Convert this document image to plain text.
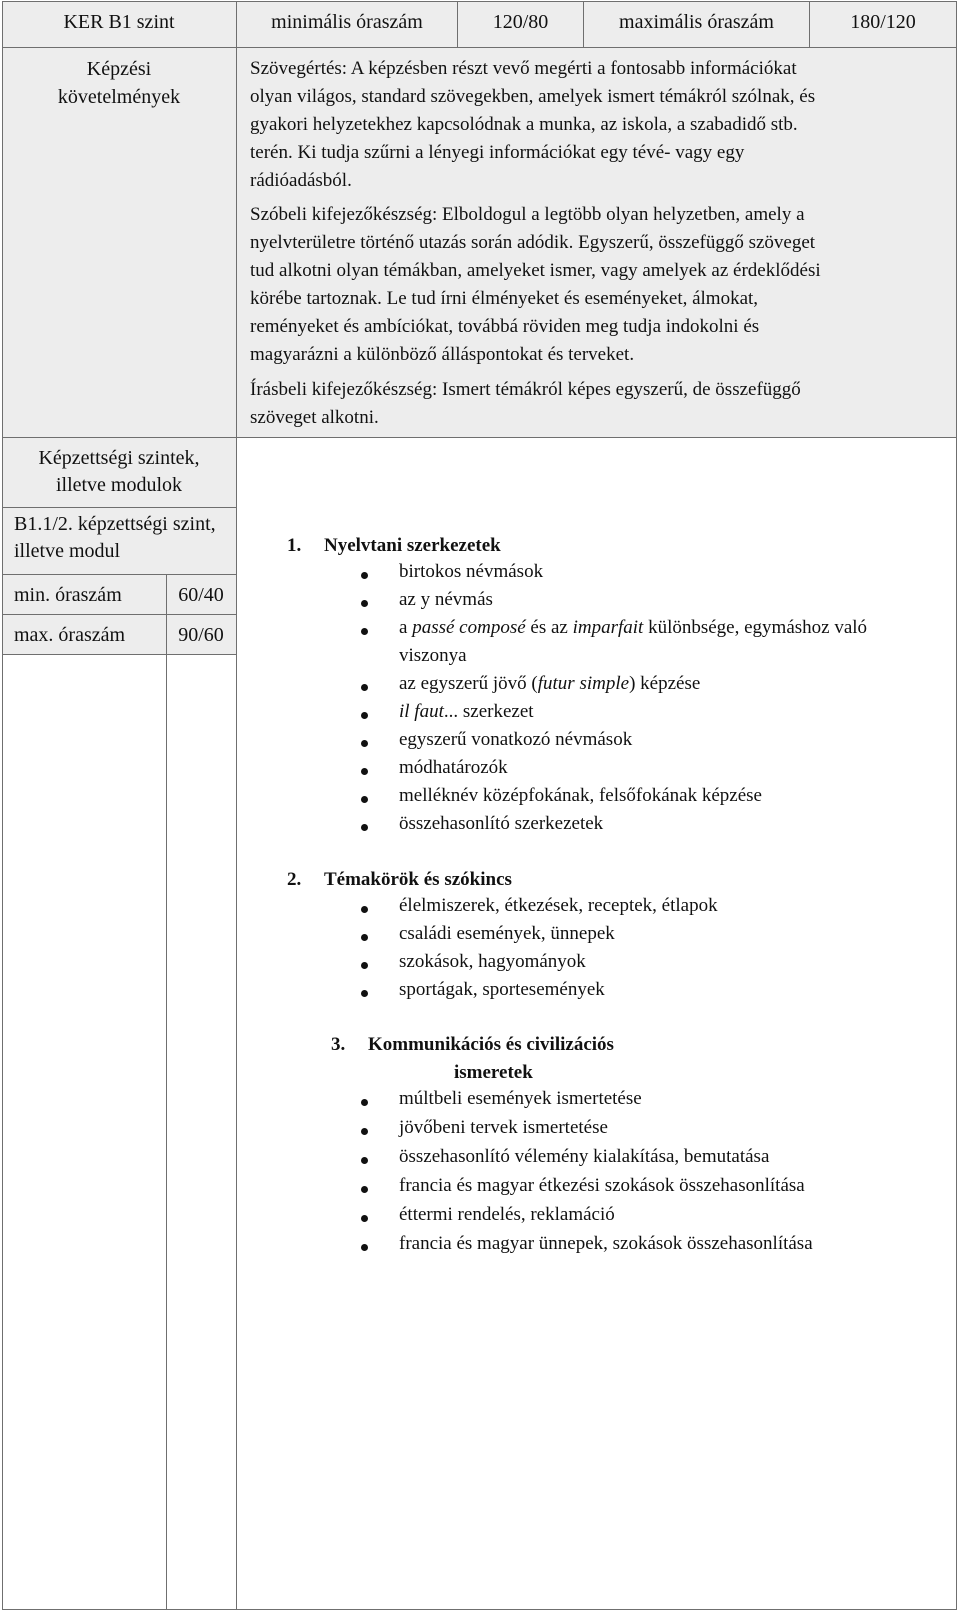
KER B1 szint	minimális óraszám	120/80	maximális óraszám	180/120
Képzési
követelmények
Képzettségi szintek,
illetve modulok
B1.1/2. képzettségi szint,
illetve modul
min. óraszám	60/40
max. óraszám	90/60
Szövegértés: A képzésben részt vevő megérti a fontosabb információkat
olyan világos, standard szövegekben, amelyek ismert témákról szólnak, és
gyakori helyzetekhez kapcsolódnak a munka, az iskola, a szabadidő stb.
terén. Ki tudja szűrni a lényegi információkat egy tévé- vagy egy
rádióadásból.
Szóbeli kifejezőkészség: Elboldogul a legtöbb olyan helyzetben, amely a
nyelvterületre történő utazás során adódik. Egyszerű, összefüggő szöveget
tud alkotni olyan témákban, amelyeket ismer, vagy amelyek az érdeklődési
körébe tartoznak. Le tud írni élményeket és eseményeket, álmokat,
reményeket és ambíciókat, továbbá röviden meg tudja indokolni és
magyarázni a különböző álláspontokat és terveket.
Írásbeli kifejezőkészség: Ismert témákról képes egyszerű, de összefüggő
szöveget alkotni.
1. Nyelvtani szerkezetek
birtokos névmások
az y névmás
a passé composé és az imparfait különbsége, egymáshoz való
viszonya
az egyszerű jövő (futur simple) képzése
il faut... szerkezet
egyszerű vonatkozó névmások
módhatározók
melléknév középfokának, felsőfokának képzése
összehasonlító szerkezetek
2. Témakörök és szókincs
élelmiszerek, étkezések, receptek, étlapok
családi események, ünnepek
szokások, hagyományok
sportágak, sportesemények
3. Kommunikációs és civilizációs
ismeretek
múltbeli események ismertetése
jövőbeni tervek ismertetése
összehasonlító vélemény kialakítása, bemutatása
francia és magyar étkezési szokások összehasonlítása
éttermi rendelés, reklamáció
francia és magyar ünnepek, szokások összehasonlítása
